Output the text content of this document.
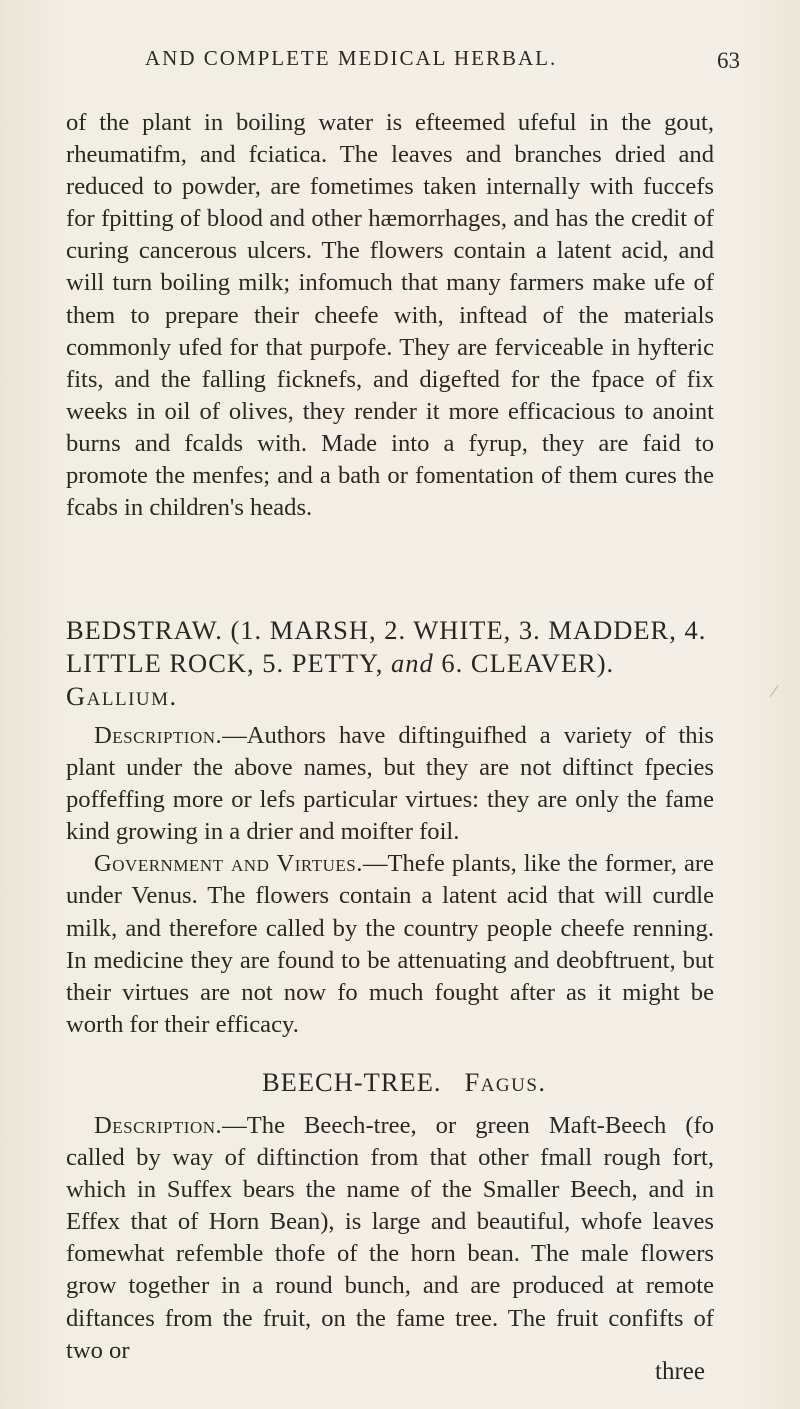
AND COMPLETE MEDICAL HERBAL.	63

of the plant in boiling water is efteemed ufeful in the gout, rheumatifm, and fciatica. The leaves and branches dried and reduced to powder, are fometimes taken internally with fuccefs for fpitting of blood and other hæmorrhages, and has the credit of curing cancerous ulcers. The flowers contain a latent acid, and will turn boiling milk; infomuch that many farmers make ufe of them to prepare their cheefe with, inftead of the materials commonly ufed for that purpofe. They are ferviceable in hyfteric fits, and the falling ficknefs, and digefted for the fpace of fix weeks in oil of olives, they render it more efficacious to anoint burns and fcalds with. Made into a fyrup, they are faid to promote the menfes; and a bath or fomentation of them cures the fcabs in children's heads.

BEDSTRAW. (1. MARSH, 2. WHITE, 3. MADDER, 4. LITTLE ROCK, 5. PETTY, and 6. CLEAVER). Gallium.

Description.—Authors have diftinguifhed a variety of this plant under the above names, but they are not diftinct fpecies poffeffing more or lefs particular virtues: they are only the fame kind growing in a drier and moifter foil.
Government and Virtues.—Thefe plants, like the former, are under Venus. The flowers contain a latent acid that will curdle milk, and therefore called by the country people cheefe renning. In medicine they are found to be attenuating and deobftruent, but their virtues are not now fo much fought after as it might be worth for their efficacy.

BEECH-TREE. Fagus.

Description.—The Beech-tree, or green Maft-Beech (fo called by way of diftinction from that other fmall rough fort, which in Suffex bears the name of the Smaller Beech, and in Effex that of Horn Bean), is large and beautiful, whofe leaves fomewhat refemble thofe of the horn bean. The male flowers grow together in a round bunch, and are produced at remote diftances from the fruit, on the fame tree. The fruit confifts of two or
three
